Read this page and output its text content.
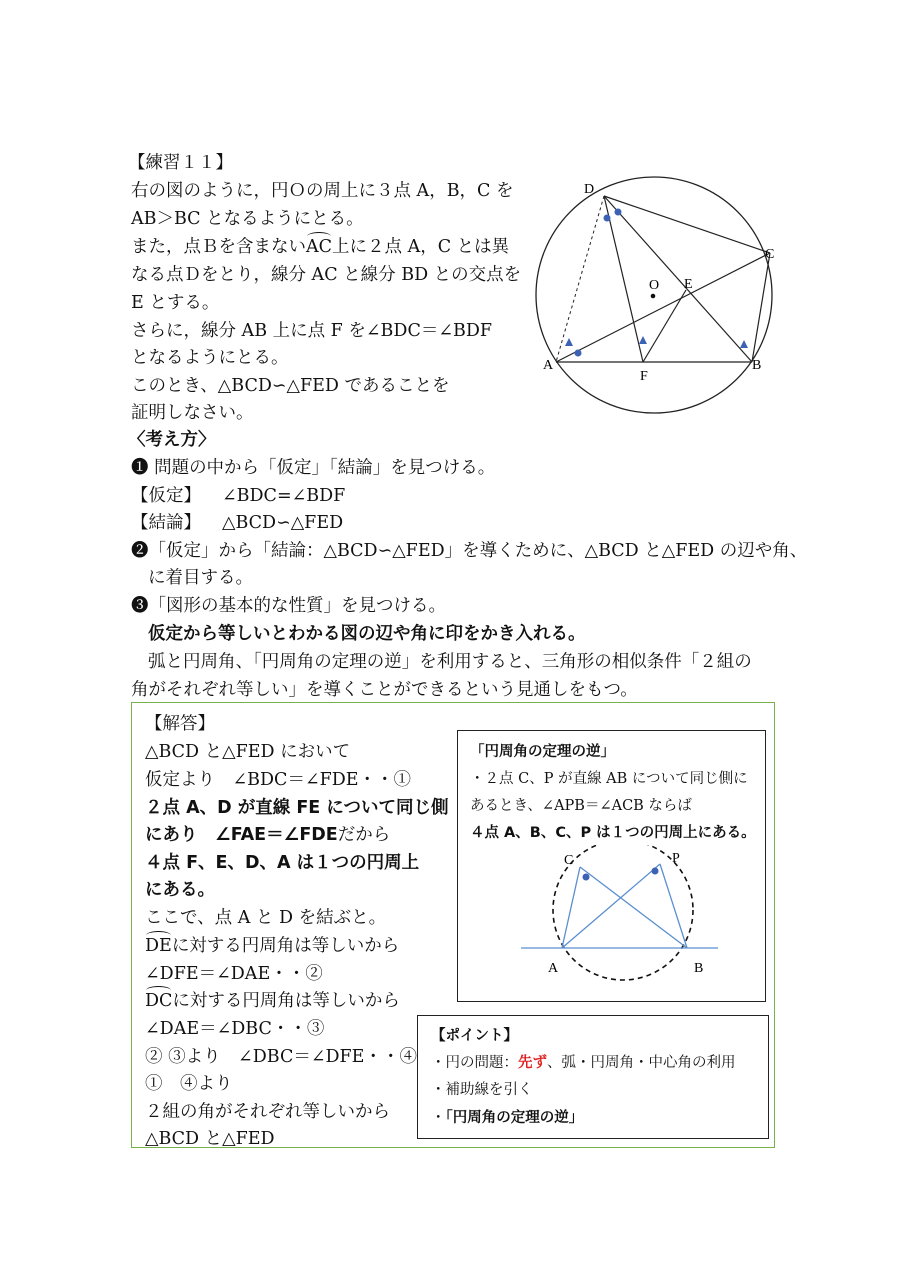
【練習１１】
右の図のように，円Ｏの周上に３点 A，B，C を
AB＞BC となるようにとる。
また，点Ｂを含まないAC上に２点 A，C とは異
なる点Ｄをとり，線分 AC と線分 BD との交点を
E とする。
さらに，線分 AB 上に点 F を∠BDC＝∠BDF
となるようにとる。
このとき、△BCD∽△FED であることを
証明しなさい。
D
C
O E
A
F
B
〈考え方〉
❶ 問題の中から「仮定」「結論」を見つける。
【仮定】 ∠BDC=∠BDF
【結論】 △BCD∽△FED
❷「仮定」から「結論：△BCD∽△FED」を導くために、△BCD と△FED の辺や角、
に着目する。
❸「図形の基本的な性質」を見つける。
仮定から等しいとわかる図の辺や角に印をかき入れる。
弧と円周角、「円周角の定理の逆」を利用すると、三角形の相似条件「２組の
角がそれぞれ等しい」を導くことができるという見通しをもつ。
【解答】
△BCD と△FED において
仮定より　∠BDC＝∠FDE・・①
２点 A、D が直線 FE について同じ側
にあり　∠FAE＝∠FDEだから
４点 F、E、D、A は１つの円周上
にある。
ここで、点 A と D を結ぶと。
DEに対する円周角は等しいから
∠DFE＝∠DAE・・②
DCに対する円周角は等しいから
∠DAE＝∠DBC・・③
② ③より　∠DBC＝∠DFE・・④
①　④より
２組の角がそれぞれ等しいから
△BCD と△FED
「円周角の定理の逆」
・２点 C、P が直線 AB について同じ側に
あるとき、∠APB＝∠ACB ならば
４点 A、B、C、P は１つの円周上にある。
C	P
A	B
【ポイント】
・円の問題：先ず、弧・円周角・中心角の利用
・補助線を引く
・「円周角の定理の逆」
